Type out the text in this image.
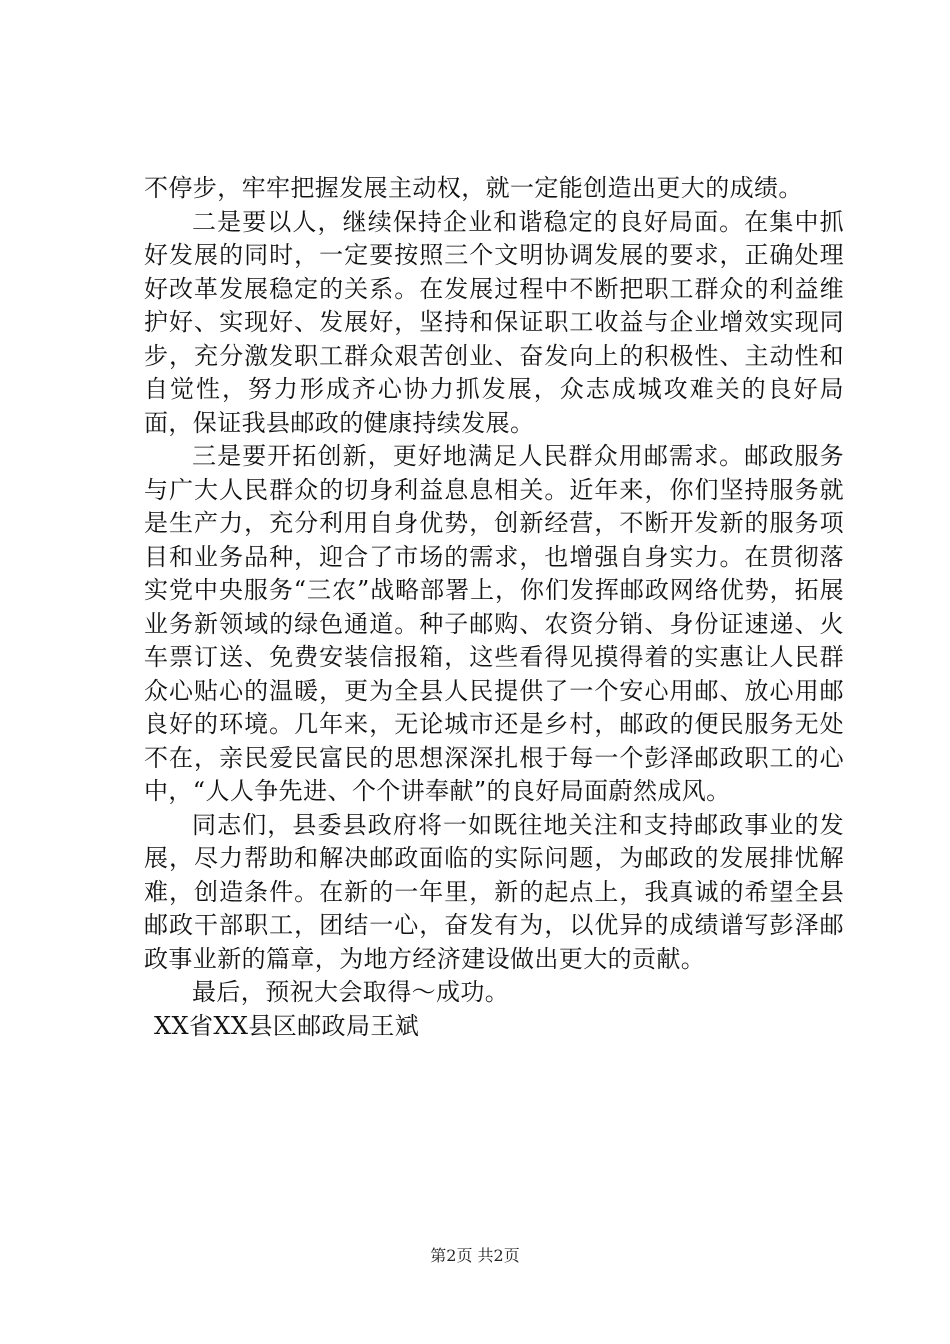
不停步，牢牢把握发展主动权，就一定能创造出更大的成绩。

二是要以人，继续保持企业和谐稳定的良好局面。在集中抓好发展的同时，一定要按照三个文明协调发展的要求，正确处理好改革发展稳定的关系。在发展过程中不断把职工群众的利益维护好、实现好、发展好，坚持和保证职工收益与企业增效实现同步，充分激发职工群众艰苦创业、奋发向上的积极性、主动性和自觉性，努力形成齐心协力抓发展，众志成城攻难关的良好局面，保证我县邮政的健康持续发展。

三是要开拓创新，更好地满足人民群众用邮需求。邮政服务与广大人民群众的切身利益息息相关。近年来，你们坚持服务就是生产力，充分利用自身优势，创新经营，不断开发新的服务项目和业务品种，迎合了市场的需求，也增强自身实力。在贯彻落实党中央服务“三农”战略部署上，你们发挥邮政网络优势，拓展业务新领域的绿色通道。种子邮购、农资分销、身份证速递、火车票订送、免费安装信报箱，这些看得见摸得着的实惠让人民群众心贴心的温暖，更为全县人民提供了一个安心用邮、放心用邮良好的环境。几年来，无论城市还是乡村，邮政的便民服务无处不在，亲民爱民富民的思想深深扎根于每一个彭泽邮政职工的心中，“人人争先进、个个讲奉献”的良好局面蔚然成风。

同志们，县委县政府将一如既往地关注和支持邮政事业的发展，尽力帮助和解决邮政面临的实际问题，为邮政的发展排忧解难，创造条件。在新的一年里，新的起点上，我真诚的希望全县邮政干部职工，团结一心，奋发有为，以优异的成绩谱写彭泽邮政事业新的篇章，为地方经济建设做出更大的贡献。

最后，预祝大会取得～成功。

XX省XX县区邮政局王斌

第2页 共2页
